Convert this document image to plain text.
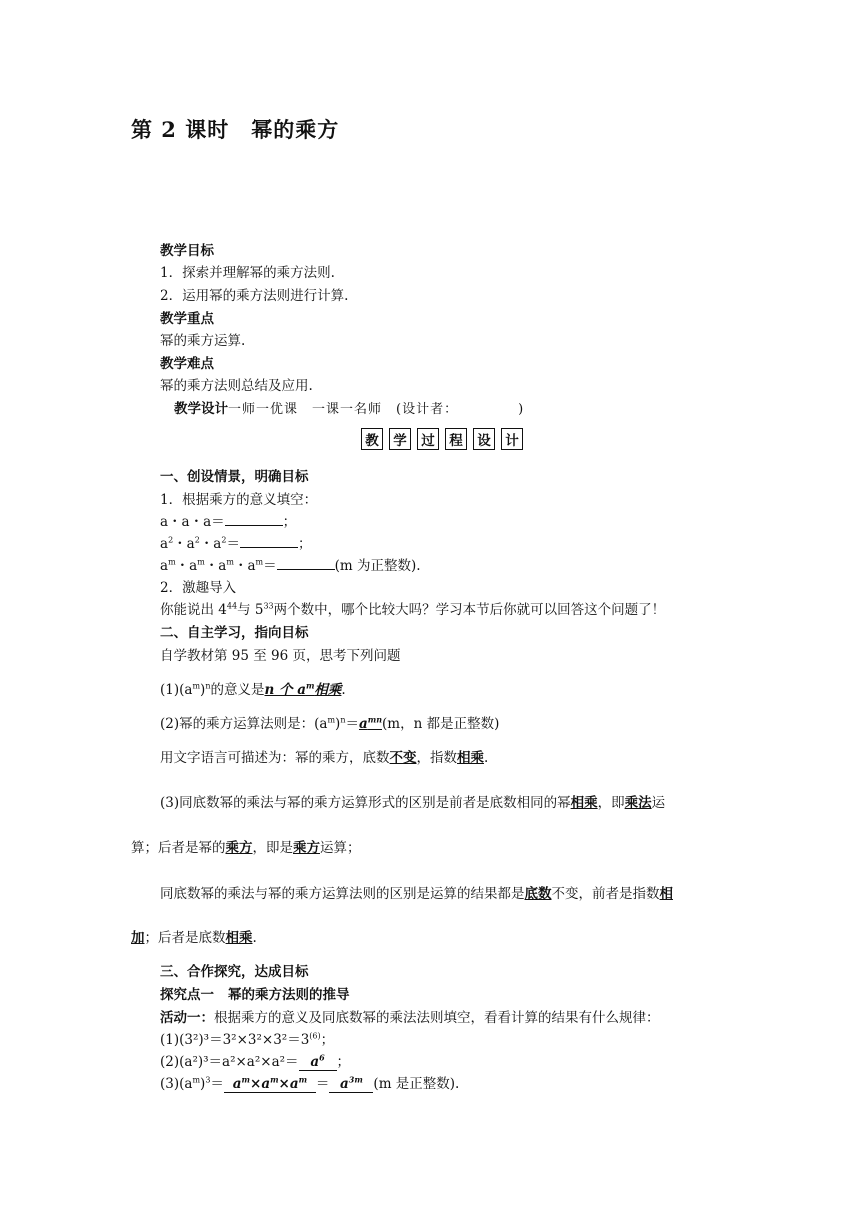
第 2 课时 幂的乘方
教学目标
1．探索并理解幂的乘方法则.
2．运用幂的乘方法则进行计算.
教学重点
幂的乘方运算.
教学难点
幂的乘方法则总结及应用.
教学设计一师一优课　一课一名师　(设计者：	)
教	学	过	程	设	计
一、创设情景，明确目标
1．根据乘方的意义填空：
a・a・a＝	；
$a^2$・$a^2$・$a^2=$	；
$a^m$・$a^m$・$a^m$・$a^m=$	(m 为正整数).
2．激趣导入
你能说出 $4^{44}$与 $5^{33}$两个数中，哪个比较大吗？学习本节后你就可以回答这个问题了！
二、自主学习，指向目标
自学教材第 95 至 96 页，思考下列问题
$(1)(a^m)^n$的意义是n 个 $a^m$相乘.
(2)幂的乘方运算法则是：$(a^m)^n=a^{mn}(m$，n 都是正整数)
用文字语言可描述为：幂的乘方，底数不变，指数相乘.
(3)同底数幂的乘法与幂的乘方运算形式的区别是前者是底数相同的幂相乘，即乘法运
算；后者是幂的乘方，即是乘方运算；
同底数幂的乘法与幂的乘方运算法则的区别是运算的结果都是底数不变，前者是指数相
加；后者是底数相乘.
三、合作探究，达成目标
探究点一 幂的乘方法则的推导
活动一：根据乘方的意义及同底数幂的乘法法则填空，看看计算的结果有什么规律：
$(1)(3^2)^3=3^2\times 3^2\times 3^2=3^{(6)}$；
$(2)(a^2)^3=a^2\times a^2\times a^2= a^6$ ；
$(3)(a^m)^3= a^m\times a^m\times a^m = a^{3m}$ (m 是正整数).
